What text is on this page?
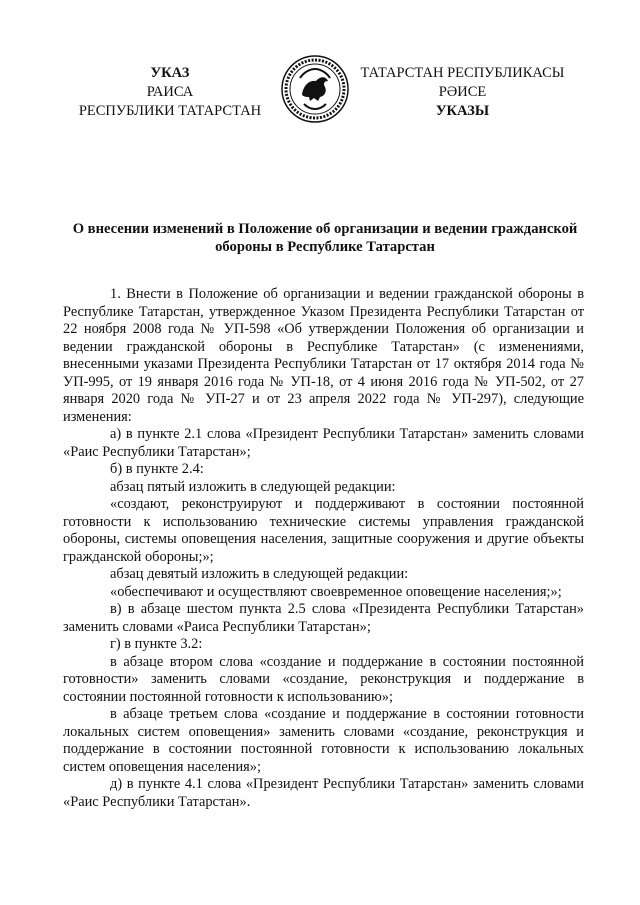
УКАЗ
РАИСА
РЕСПУБЛИКИ ТАТАРСТАН
ТАТАРСТАН РЕСПУБЛИКАСЫ
РӘИСЕ
УКАЗЫ
О внесении изменений в Положение об организации и ведении гражданской обороны в Республике Татарстан

1. Внести в Положение об организации и ведении гражданской обороны в Республике Татарстан, утвержденное Указом Президента Республики Татарстан от 22 ноября 2008 года № УП-598 «Об утверждении Положения об организации и ведении гражданской обороны в Республике Татарстан» (с изменениями, внесенными указами Президента Республики Татарстан от 17 октября 2014 года № УП-995, от 19 января 2016 года № УП-18, от 4 июня 2016 года № УП-502, от 27 января 2020 года № УП-27 и от 23 апреля 2022 года № УП-297), следующие изменения:

а) в пункте 2.1 слова «Президент Республики Татарстан» заменить словами «Раис Республики Татарстан»;

б) в пункте 2.4:

абзац пятый изложить в следующей редакции:

«создают, реконструируют и поддерживают в состоянии постоянной готовности к использованию технические системы управления гражданской обороны, системы оповещения населения, защитные сооружения и другие объекты гражданской обороны;»;

абзац девятый изложить в следующей редакции:

«обеспечивают и осуществляют своевременное оповещение населения;»;

в) в абзаце шестом пункта 2.5 слова «Президента Республики Татарстан» заменить словами «Раиса Республики Татарстан»;

г) в пункте 3.2:

в абзаце втором слова «создание и поддержание в состоянии постоянной готовности» заменить словами «создание, реконструкция и поддержание в состоянии постоянной готовности к использованию»;

в абзаце третьем слова «создание и поддержание в состоянии готовности локальных систем оповещения» заменить словами «создание, реконструкция и поддержание в состоянии постоянной готовности к использованию локальных систем оповещения населения»;

д) в пункте 4.1 слова «Президент Республики Татарстан» заменить словами «Раис Республики Татарстан».
